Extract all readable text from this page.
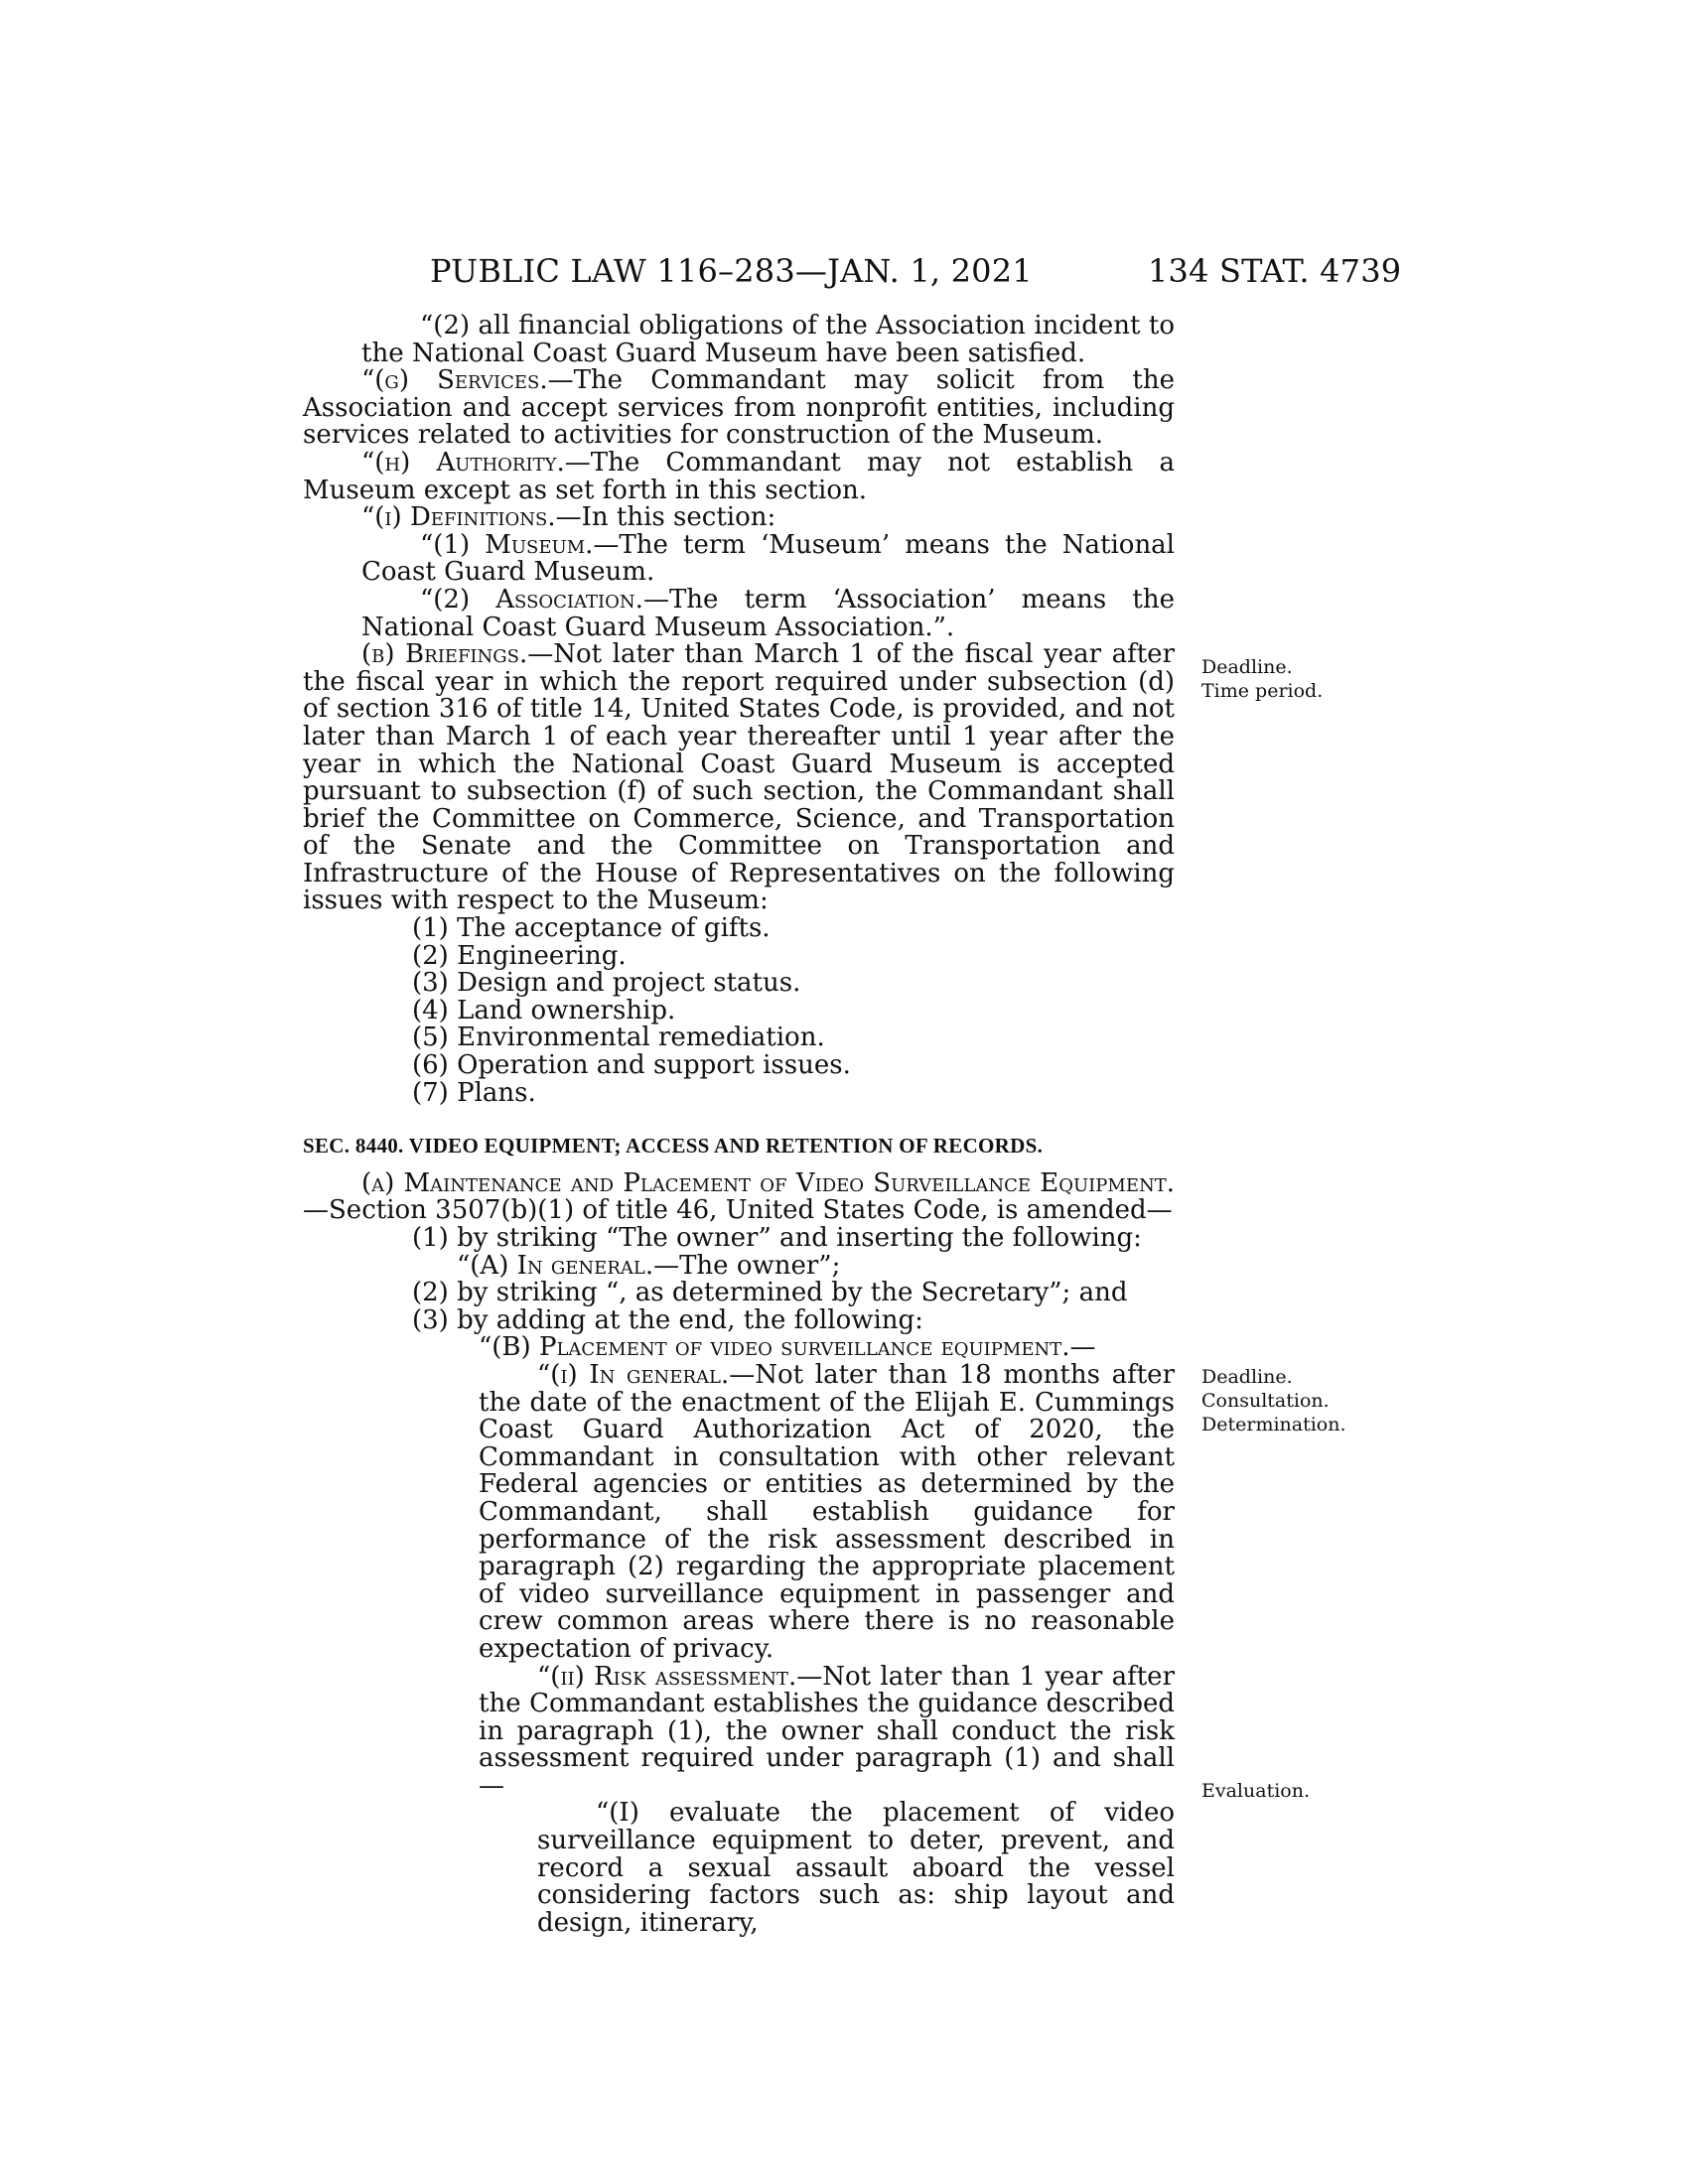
PUBLIC LAW 116–283—JAN. 1, 2021	134 STAT. 4739

“(2) all financial obligations of the Association incident to the National Coast Guard Museum have been satisfied.

“(g) Services.—The Commandant may solicit from the Association and accept services from nonprofit entities, including services related to activities for construction of the Museum.

“(h) Authority.—The Commandant may not establish a Museum except as set forth in this section.

“(i) Definitions.—In this section:

“(1) Museum.—The term ‘Museum’ means the National Coast Guard Museum.

“(2) Association.—The term ‘Association’ means the National Coast Guard Museum Association.”.

(b) Briefings.—Not later than March 1 of the fiscal year after the fiscal year in which the report required under subsection (d) of section 316 of title 14, United States Code, is provided, and not later than March 1 of each year thereafter until 1 year after the year in which the National Coast Guard Museum is accepted pursuant to subsection (f) of such section, the Commandant shall brief the Committee on Commerce, Science, and Transportation of the Senate and the Committee on Transportation and Infrastructure of the House of Representatives on the following issues with respect to the Museum:

(1) The acceptance of gifts.

(2) Engineering.

(3) Design and project status.

(4) Land ownership.

(5) Environmental remediation.

(6) Operation and support issues.

(7) Plans.

SEC. 8440. VIDEO EQUIPMENT; ACCESS AND RETENTION OF RECORDS.

(a) Maintenance and Placement of Video Surveillance Equipment.—Section 3507(b)(1) of title 46, United States Code, is amended—

(1) by striking “The owner” and inserting the following:

“(A) In general.—The owner”;

(2) by striking “, as determined by the Secretary”; and

(3) by adding at the end, the following:

“(B) Placement of video surveillance equipment.—

“(i) In general.—Not later than 18 months after the date of the enactment of the Elijah E. Cummings Coast Guard Authorization Act of 2020, the Commandant in consultation with other relevant Federal agencies or entities as determined by the Commandant, shall establish guidance for performance of the risk assessment described in paragraph (2) regarding the appropriate placement of video surveillance equipment in passenger and crew common areas where there is no reasonable expectation of privacy.

“(ii) Risk assessment.—Not later than 1 year after the Commandant establishes the guidance described in paragraph (1), the owner shall conduct the risk assessment required under paragraph (1) and shall—

“(I) evaluate the placement of video surveillance equipment to deter, prevent, and record a sexual assault aboard the vessel considering factors such as: ship layout and design, itinerary,

Deadline.
Time period.
Deadline.
Consultation.
Determination.
Evaluation.
